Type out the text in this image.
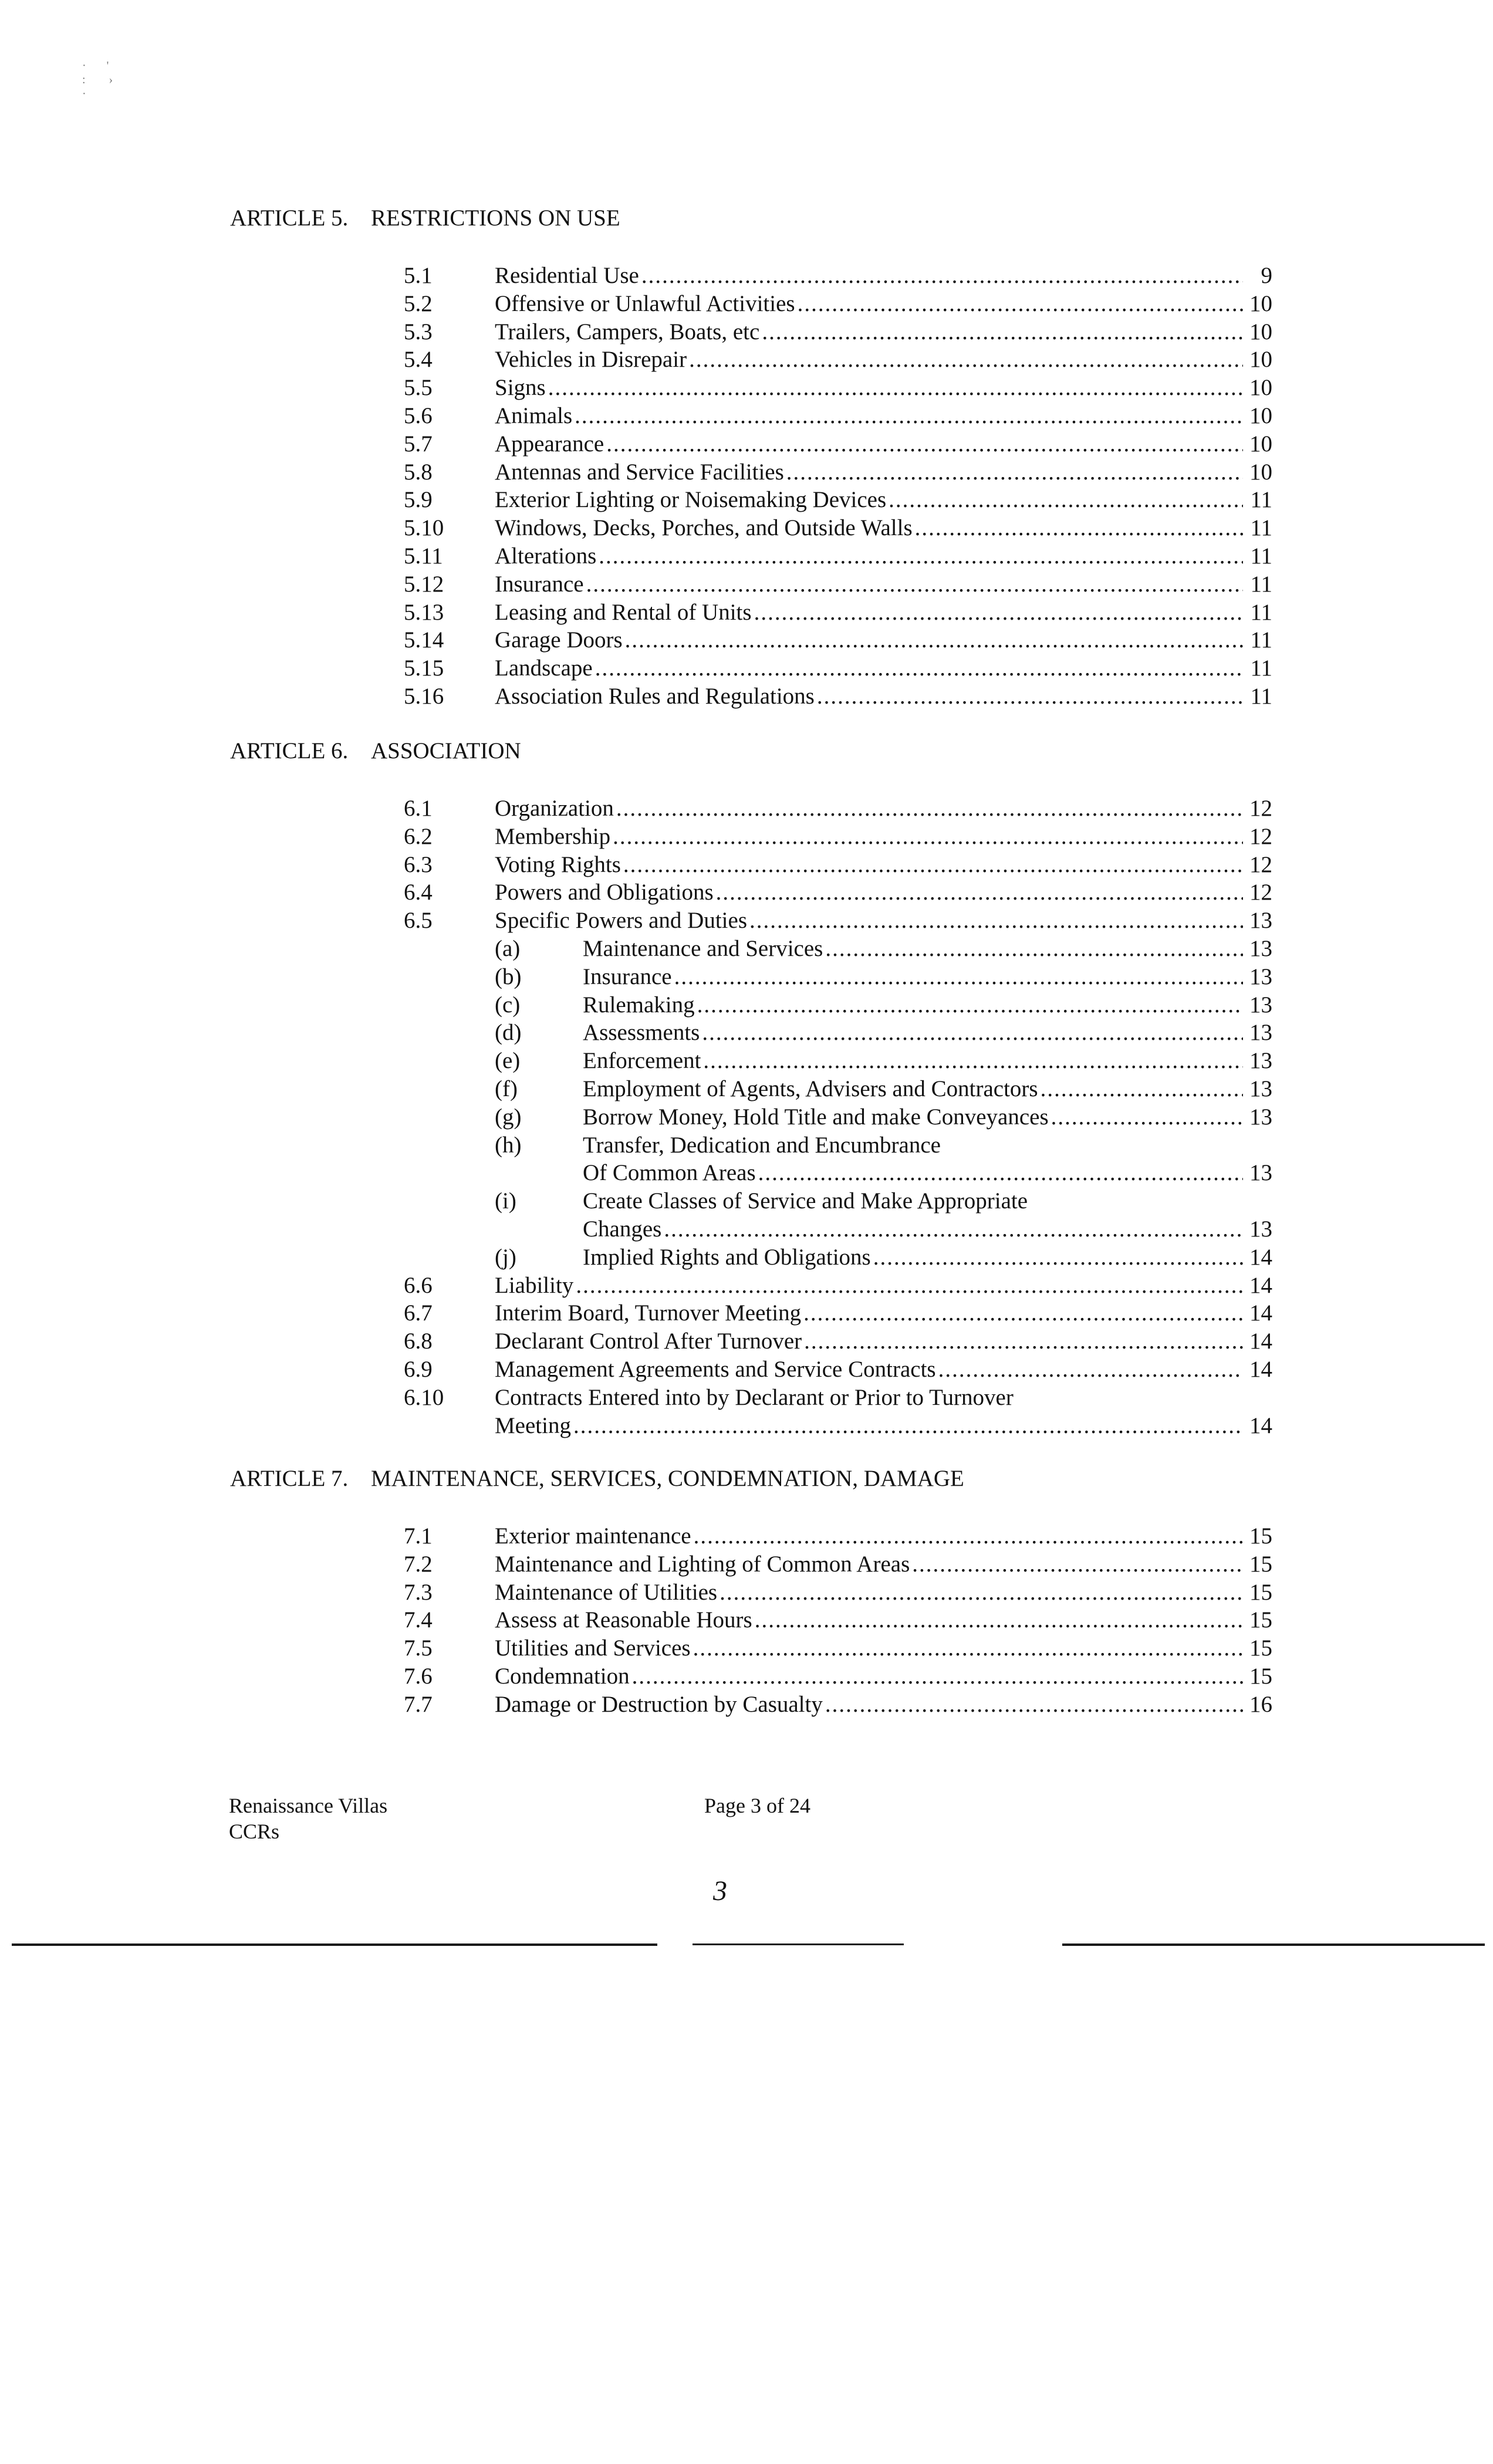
·       '
:        ›
·
ARTICLE 5. RESTRICTIONS ON USE
5.1	Residential Use .....	9
5.2	Offensive or Unlawful Activities .....	10
5.3	Trailers, Campers, Boats, etc .....	10
5.4	Vehicles in Disrepair .....	10
5.5	Signs .....	10
5.6	Animals .....	10
5.7	Appearance .....	10
5.8	Antennas and Service Facilities .....	10
5.9	Exterior Lighting or Noisemaking Devices .....	11
5.10 Windows, Decks, Porches, and Outside Walls .....	11
5.11 Alterations .....	11
5.12 Insurance .....	11
5.13 Leasing and Rental of Units .....	11
5.14 Garage Doors .....	11
5.15 Landscape .....	11
5.16 Association Rules and Regulations .....	11
ARTICLE 6. ASSOCIATION
6.1	Organization .....	12
6.2	Membership .....	12
6.3	Voting Rights .....	12
6.4	Powers and Obligations .....	12
6.5	Specific Powers and Duties .....	13
(a)	Maintenance and Services .....	13
(b)	Insurance .....	13
(c)	Rulemaking .....	13
(d)	Assessments .....	13
(e)	Enforcement .....	13
(f)	Employment of Agents, Advisers and Contractors .....	13
(g)	Borrow Money, Hold Title and make Conveyances .....	13
(h)	Transfer, Dedication and Encumbrance
Of Common Areas .....	13
(i)	Create Classes of Service and Make Appropriate
Changes .....	13
(j)	Implied Rights and Obligations .....	14
6.6	Liability .....	14
6.7	Interim Board, Turnover Meeting .....	14
6.8	Declarant Control After Turnover .....	14
6.9	Management Agreements and Service Contracts .....	14
6.10 Contracts Entered into by Declarant or Prior to Turnover
Meeting .....	14
ARTICLE 7. MAINTENANCE, SERVICES, CONDEMNATION, DAMAGE
7.1	Exterior maintenance .....	15
7.2	Maintenance and Lighting of Common Areas .....	15
7.3	Maintenance of Utilities .....	15
7.4	Assess at Reasonable Hours .....	15
7.5	Utilities and Services .....	15
7.6	Condemnation .....	15
7.7	Damage or Destruction by Casualty .....	16
Renaissance Villas
CCRs
Page 3 of 24
3
